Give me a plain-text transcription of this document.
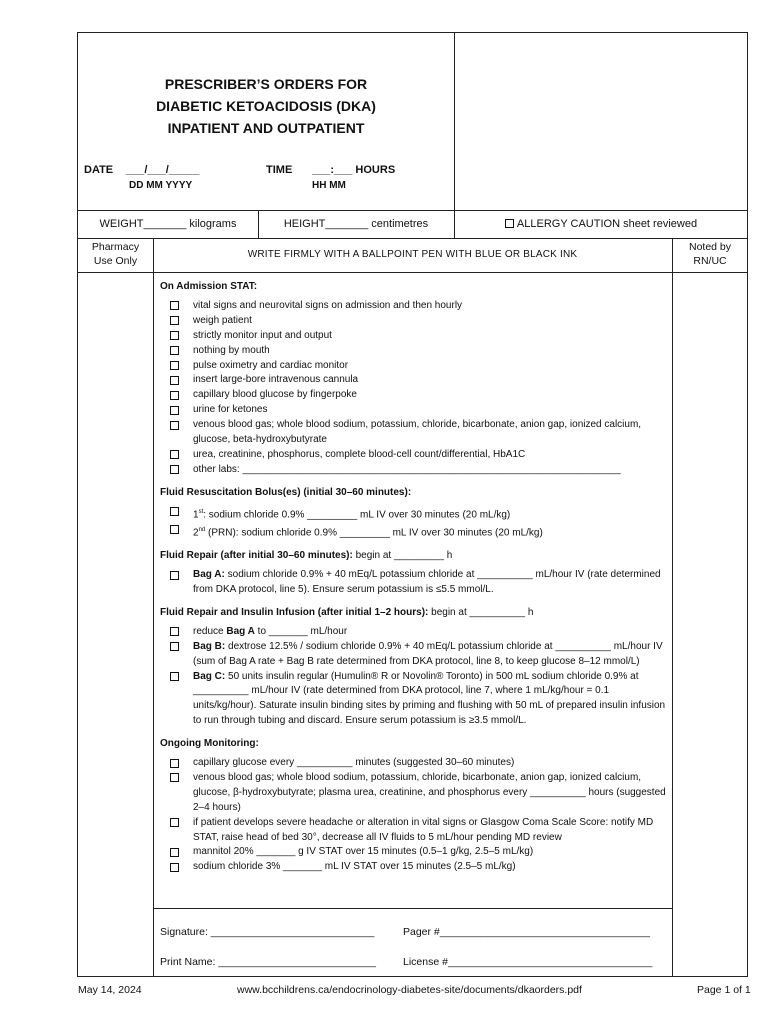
PRESCRIBER’S ORDERS FOR
DIABETIC KETOACIDOSIS (DKA)
INPATIENT AND OUTPATIENT
DATE ___/___/_____
DD MM YYYY
TIME ___:___ HOURS
HH MM
WEIGHT_______ kilograms	HEIGHT_______ centimetres	ALLERGY CAUTION sheet reviewed
Pharmacy
Use Only
WRITE FIRMLY WITH A BALLPOINT PEN WITH BLUE OR BLACK INK
Noted by
RN/UC
On Admission STAT:
vital signs and neurovital signs on admission and then hourly
weigh patient
strictly monitor input and output
nothing by mouth
pulse oximetry and cardiac monitor
insert large-bore intravenous cannula
capillary blood glucose by fingerpoke
urine for ketones
venous blood gas; whole blood sodium, potassium, chloride, bicarbonate, anion gap, ionized calcium, glucose, beta-hydroxybutyrate
urea, creatinine, phosphorus, complete blood-cell count/differential, HbA1C
other labs: ____________________________________________________________________
Fluid Resuscitation Bolus(es) (initial 30–60 minutes):
1st: sodium chloride 0.9% _________ mL IV over 30 minutes (20 mL/kg)
2nd (PRN): sodium chloride 0.9% _________ mL IV over 30 minutes (20 mL/kg)
Fluid Repair (after initial 30–60 minutes): begin at _________ h
Bag A: sodium chloride 0.9% + 40 mEq/L potassium chloride at __________ mL/hour IV (rate determined from DKA protocol, line 5). Ensure serum potassium is ≤5.5 mmol/L.
Fluid Repair and Insulin Infusion (after initial 1–2 hours): begin at __________ h
reduce Bag A to _______ mL/hour
Bag B: dextrose 12.5% / sodium chloride 0.9% + 40 mEq/L potassium chloride at __________ mL/hour IV (sum of Bag A rate + Bag B rate determined from DKA protocol, line 8, to keep glucose 8–12 mmol/L)
Bag C: 50 units insulin regular (Humulin® R or Novolin® Toronto) in 500 mL sodium chloride 0.9% at __________ mL/hour IV (rate determined from DKA protocol, line 7, where 1 mL/kg/hour = 0.1 units/kg/hour). Saturate insulin binding sites by priming and flushing with 50 mL of prepared insulin infusion to run through tubing and discard. Ensure serum potassium is ≥3.5 mmol/L.
Ongoing Monitoring:
capillary glucose every __________ minutes (suggested 30–60 minutes)
venous blood gas; whole blood sodium, potassium, chloride, bicarbonate, anion gap, ionized calcium, glucose, β-hydroxybutyrate; plasma urea, creatinine, and phosphorus every __________ hours (suggested 2–4 hours)
if patient develops severe headache or alteration in vital signs or Glasgow Coma Scale Score: notify MD STAT, raise head of bed 30°, decrease all IV fluids to 5 mL/hour pending MD review
mannitol 20% _______ g IV STAT over 15 minutes (0.5–1 g/kg, 2.5–5 mL/kg)
sodium chloride 3% _______ mL IV STAT over 15 minutes (2.5–5 mL/kg)
Signature: ____________________________	Pager #____________________________________
Print Name: ___________________________	License #___________________________________
May 14, 2024	www.bcchildrens.ca/endocrinology-diabetes-site/documents/dkaorders.pdf	Page 1 of 1
